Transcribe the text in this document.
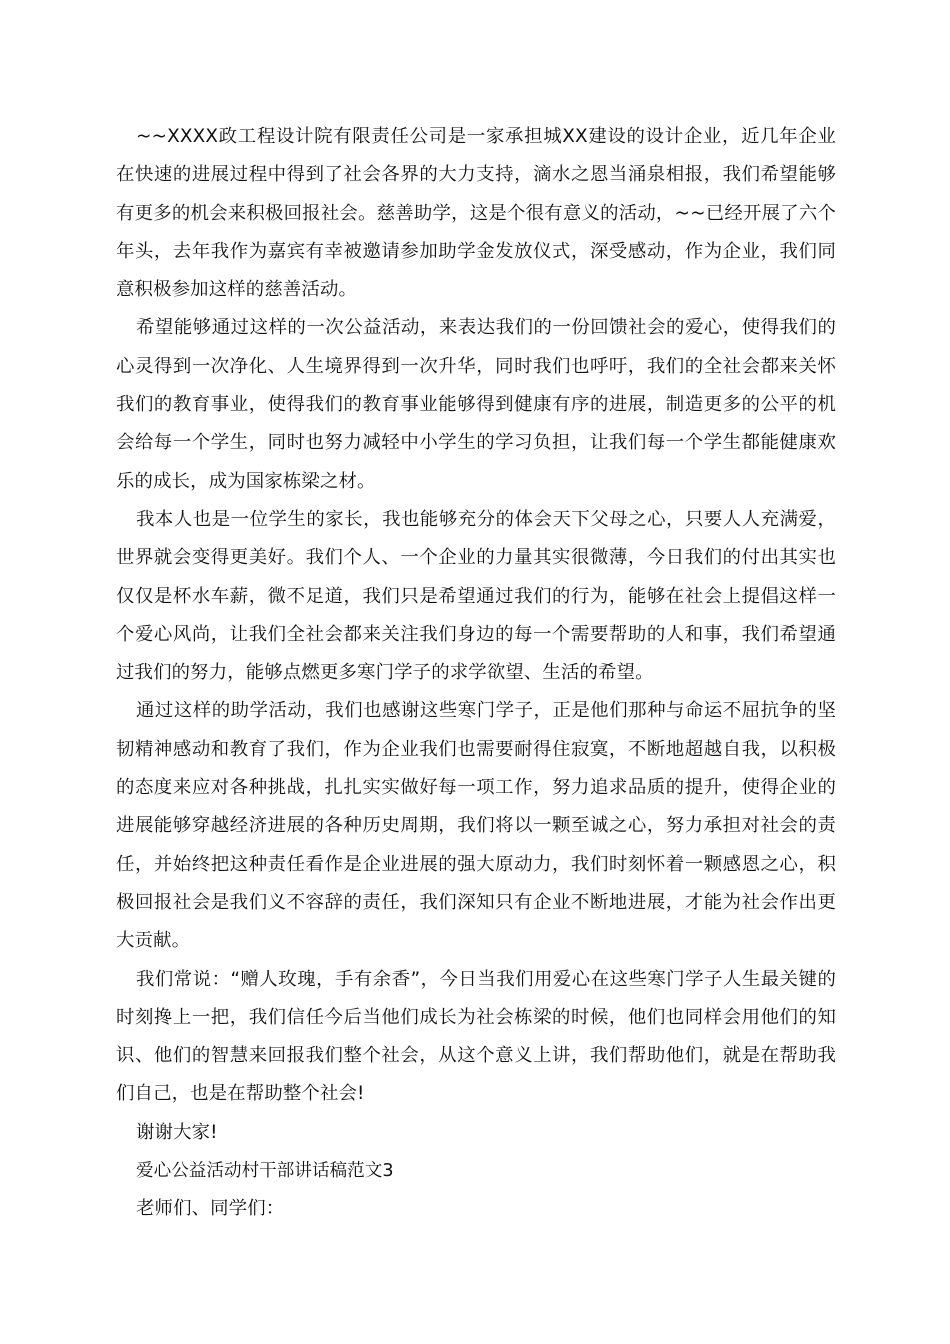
~~XXXX政工程设计院有限责任公司是一家承担城XX建设的设计企业，近几年企业在快速的进展过程中得到了社会各界的大力支持，滴水之恩当涌泉相报，我们希望能够有更多的机会来积极回报社会。慈善助学，这是个很有意义的活动，~~已经开展了六个年头，去年我作为嘉宾有幸被邀请参加助学金发放仪式，深受感动，作为企业，我们同意积极参加这样的慈善活动。

希望能够通过这样的一次公益活动，来表达我们的一份回馈社会的爱心，使得我们的心灵得到一次净化、人生境界得到一次升华，同时我们也呼吁，我们的全社会都来关怀我们的教育事业，使得我们的教育事业能够得到健康有序的进展，制造更多的公平的机会给每一个学生，同时也努力减轻中小学生的学习负担，让我们每一个学生都能健康欢乐的成长，成为国家栋梁之材。

我本人也是一位学生的家长，我也能够充分的体会天下父母之心，只要人人充满爱，世界就会变得更美好。我们个人、一个企业的力量其实很微薄，今日我们的付出其实也仅仅是杯水车薪，微不足道，我们只是希望通过我们的行为，能够在社会上提倡这样一个爱心风尚，让我们全社会都来关注我们身边的每一个需要帮助的人和事，我们希望通过我们的努力，能够点燃更多寒门学子的求学欲望、生活的希望。

通过这样的助学活动，我们也感谢这些寒门学子，正是他们那种与命运不屈抗争的坚韧精神感动和教育了我们，作为企业我们也需要耐得住寂寞，不断地超越自我，以积极的态度来应对各种挑战，扎扎实实做好每一项工作，努力追求品质的提升，使得企业的进展能够穿越经济进展的各种历史周期，我们将以一颗至诚之心，努力承担对社会的责任，并始终把这种责任看作是企业进展的强大原动力，我们时刻怀着一颗感恩之心，积极回报社会是我们义不容辞的责任，我们深知只有企业不断地进展，才能为社会作出更大贡献。

我们常说：“赠人玫瑰，手有余香”，今日当我们用爱心在这些寒门学子人生最关键的时刻搀上一把，我们信任今后当他们成长为社会栋梁的时候，他们也同样会用他们的知识、他们的智慧来回报我们整个社会，从这个意义上讲，我们帮助他们，就是在帮助我们自己，也是在帮助整个社会!

谢谢大家!

爱心公益活动村干部讲话稿范文3

老师们、同学们：
